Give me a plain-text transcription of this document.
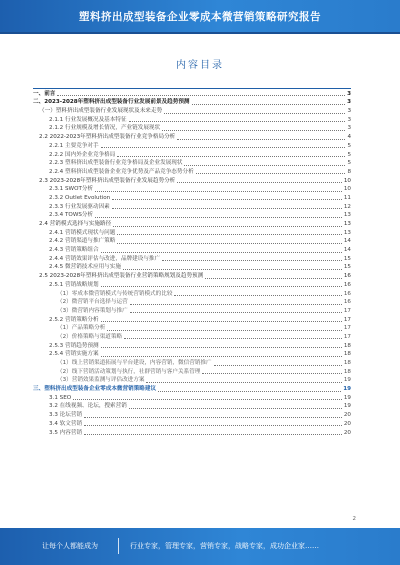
塑料挤出成型装备企业零成本微营销策略研究报告
内容目录
一、前言	3
二、2023-2028年塑料挤出成型装备行业发展前景及趋势预测	3
（一）塑料挤出成型装备行业发展现状及未来走势	3
2.1.1 行业发展概况及基本特征	3
2.1.2 行业规模及增长情况，产业链发展现状	3
2.2 2022-2023年塑料挤出成型装备行业竞争格局分析	4
2.2.1 主要竞争对手	5
2.2.2 国内外企业竞争格局	5
2.2.3 塑料挤出成型装备行业竞争格局及企业发展现状	5
2.2.4 塑料挤出成型装备企业竞争优势及产品竞争态势分析	8
2.3 2023-2028年塑料挤出成型装备行业发展趋势分析	10
2.3.1 SWOT分析	10
2.3.2 Outlet Evolution	11
2.3.3 行业发展驱动因素	12
2.3.4 TOWS分析	13
2.4 营销模式选择与实施路径	13
2.4.1 营销模式现状与问题	13
2.4.2 营销渠道与推广策略	14
2.4.3 营销策略组合	14
2.4.4 营销效果评估与改进，品牌建设与推广	15
2.4.5 微营销技术应用与实施	15
2.5 2023-2028年塑料挤出成型装备行业营销策略规划及趋势预测	16
2.5.1 营销战略规划	16
（1）零成本微营销模式与传统营销模式的比较	16
（2）微营销平台选择与运营	16
（3）微营销内容策划与推广	17
2.5.2 营销策略分析	17
（1）产品策略分析	17
（2）价格策略与渠道策略	17
2.5.3 营销趋势预测	18
2.5.4 营销实施方案	18
（1）线上营销渠道拓展与平台建设，内容营销，微信营销推广	18
（2）线下营销活动策划与执行，社群营销与客户关系管理	18
（3）营销效果监测与评估改进方案	19
三、塑料挤出成型装备企业零成本微营销策略建议	19
3.1 SEO	19
3.2 在线视频、论坛，搜索营销	19
3.3 论坛营销	20
3.4 软文营销	20
3.5 内容营销	20
2
让每个人都能成为	行业专家，管理专家，营销专家，战略专家，成功企业家……
